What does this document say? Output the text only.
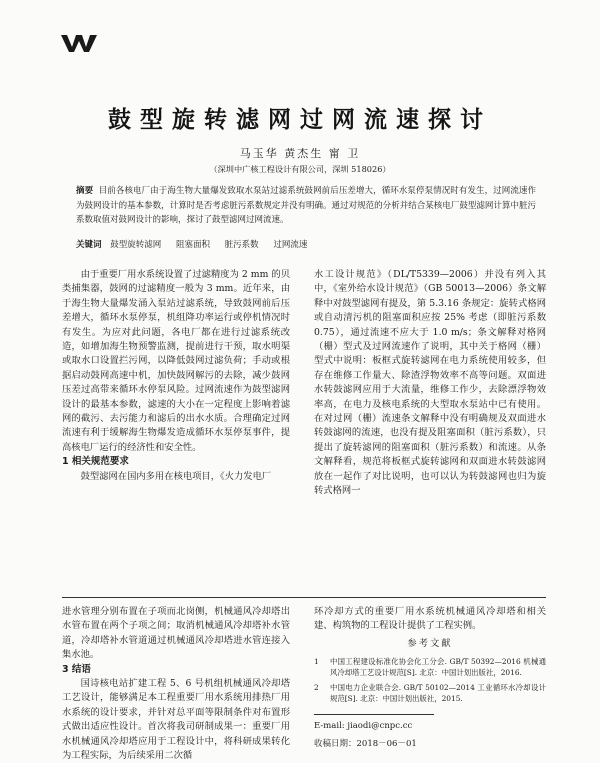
鼓型旋转滤网过网流速探讨
马玉华 黄杰生 甯 卫
（深圳中广核工程设计有限公司，深圳 518026）
摘要 目前各核电厂由于海生物大量爆发致取水泵站过滤系统鼓网前后压差增大，循环水泵停泵情况时有发生，过网流速作为鼓网设计的基本参数，计算时是否考虑脏污系数规定并没有明确。通过对规范的分析并结合某核电厂鼓型滤网计算中脏污系数取值对鼓网设计的影响，探讨了鼓型滤网过网流速。
关键词 鼓型旋转滤网 阻塞面积 脏污系数 过网流速

由于重要厂用水系统设置了过滤精度为 2 mm 的贝类捕集器，鼓网的过滤精度一般为 3 mm。近年来，由于海生物大量爆发涌入泵站过滤系统，导致鼓网前后压差增大，循环水泵停泵，机组降功率运行或停机情况时有发生。为应对此问题，各电厂都在进行过滤系统改造，如增加海生物预警监测，提前进行干预，取水明渠或取水口设置拦污网，以降低鼓网过滤负荷；手动或根据启动鼓网高速中机，加快鼓网解污的去除，减少鼓网压差过高带来循环水停泵风险。过网流速作为鼓型滤网设计的最基本参数，滤速的大小在一定程度上影响着滤网的截污、去污能力和滤后的出水水质。合理确定过网流速有利于缓解海生物爆发造成循环水泵停泵事件，提高核电厂运行的经济性和安全性。

1 相关规范要求

鼓型滤网在国内多用在核电项目，《火力发电厂

水工设计规范》（DL/T5339—2006）并没有列入其中，《室外给水设计规范》（GB 50013—2006）条文解释中对鼓型滤网有提及，第 5.3.16 条规定：旋转式格网或自动清污机的阻塞面积应按 25% 考虑（即脏污系数 0.75），通过流速不应大于 1.0 m/s；条文解释对格网（栅）型式及过网流速作了说明，其中关于格网（栅）型式中说明：板框式旋转滤网在电力系统使用较多，但存在维修工作量大、除渣浮物效率不高等问题。双面进水转鼓滤网应用于大流量，维修工作少，去除漂浮物效率高，在电力及核电系统的大型取水泵站中已有使用。在对过网（栅）流速条文解释中没有明确规及双面进水转鼓滤网的流速，也没有提及阻塞面积（脏污系数），只提出了旋转滤网的阻塞面积（脏污系数）和流速。从条文解释看，规范将板框式旋转滤网和双面进水转鼓滤网放在一起作了对比说明，也可以认为转鼓滤网也归为旋转式格网一

进水管理分别布置在子项而北岗侧，机械通风冷却塔出水管布置在两个子项之间；取消机械通风冷却塔补水管道，冷却塔补水管道通过机械通风冷却塔进水管连接入集水池。

3 结语

国诗核电站扩建工程 5、6 号机组机械通风冷却塔工艺设计，能够满足本工程重要厂用水系统用排热厂用水系统的设计要求，并针对总平面等限制条件对布置形式做出适应性设计。首次将我司研制成果一：重要厂用水机械通风冷却塔应用于工程设计中，将科研成果转化为工程实际，为后续采用二次循

环冷却方式的重要厂用水系统机械通风冷却塔和相关建、构筑物的工程设计提供了工程实例。

参考文献
1	中国工程建设标准化协会化工分会. GB/T 50392—2016 机械通风冷却塔工艺设计规范[S]. 北京：中国计划出版社，2016.
2	中国电力企业联合会. GB/T 50102—2014 工业循环水冷却设计规范[S]. 北京：中国计划出版社，2015.
E-mail: jiaodi@cnpc.cc
收稿日期：2018－06－01
